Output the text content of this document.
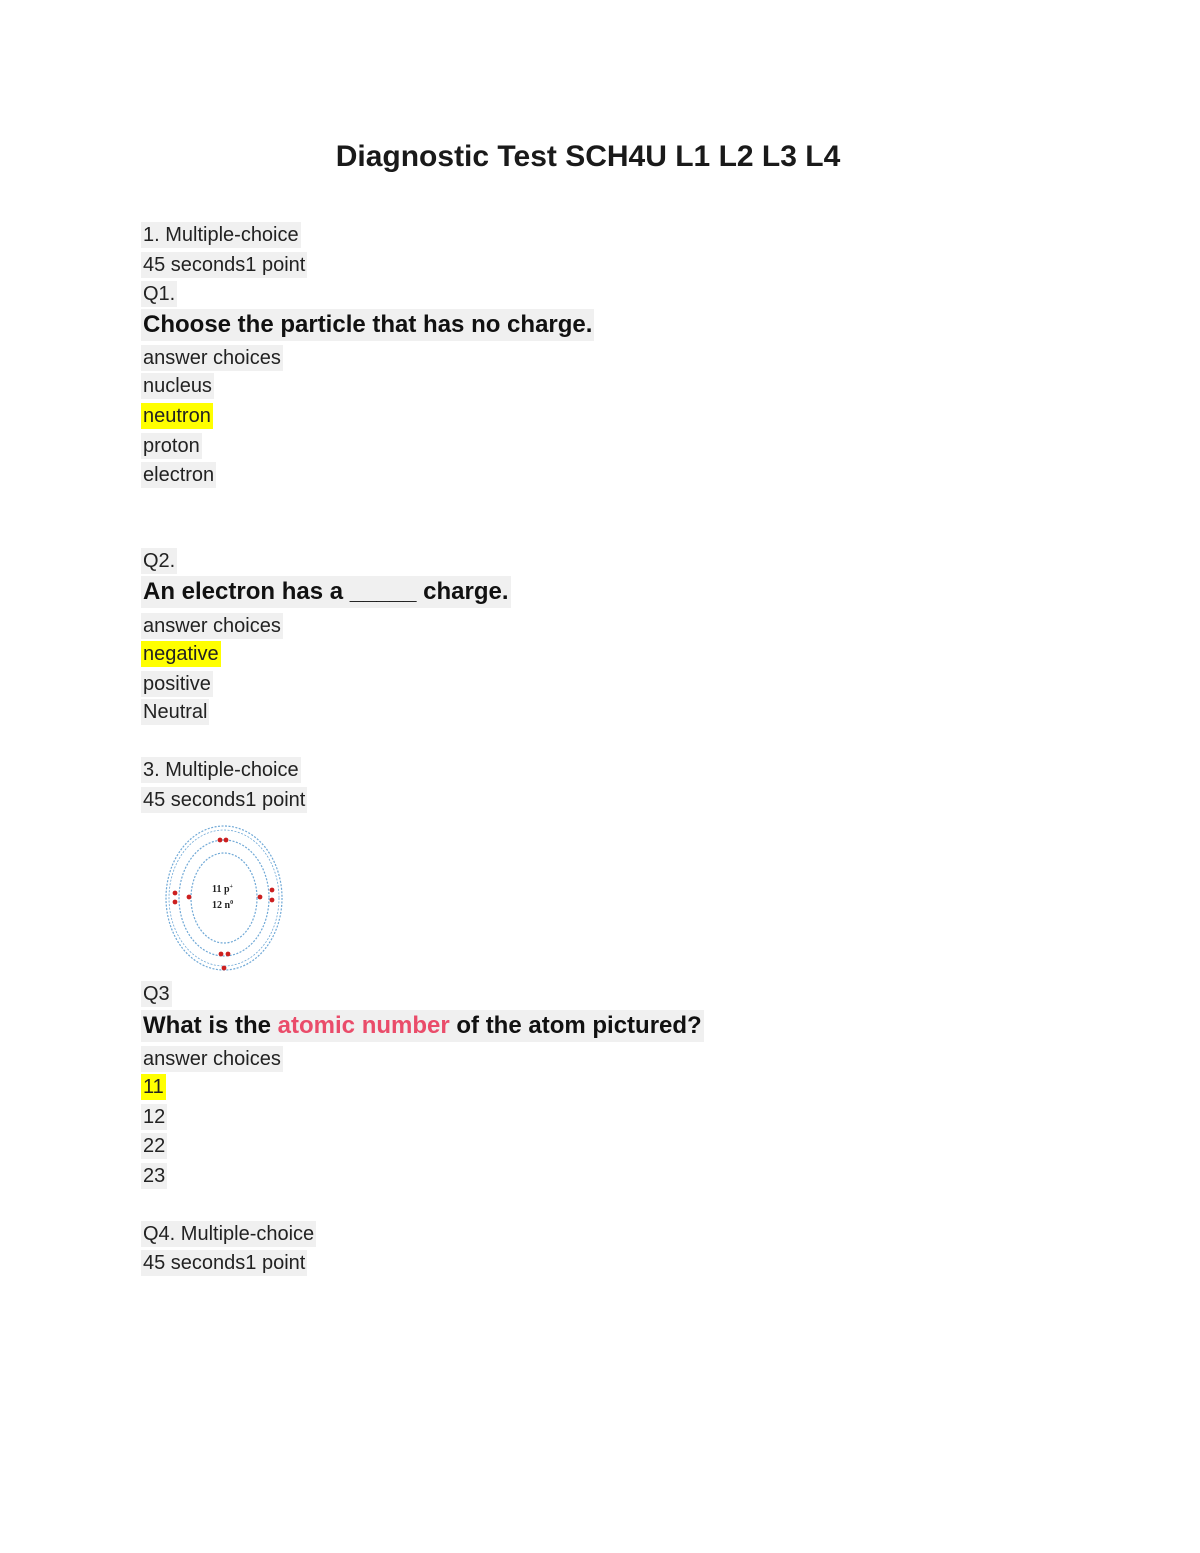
Diagnostic Test SCH4U L1 L2 L3 L4
1. Multiple-choice
45 seconds1 point
Q1.
Choose the particle that has no charge.
answer choices
nucleus
neutron
proton
electron
Q2.
An electron has a _____ charge.
answer choices
negative
positive
Neutral
3. Multiple-choice
45 seconds1 point
11 p+
12 $n^0$
Q3
What is the atomic number of the atom pictured?
answer choices
11
12
22
23
Q4. Multiple-choice
45 seconds1 point
